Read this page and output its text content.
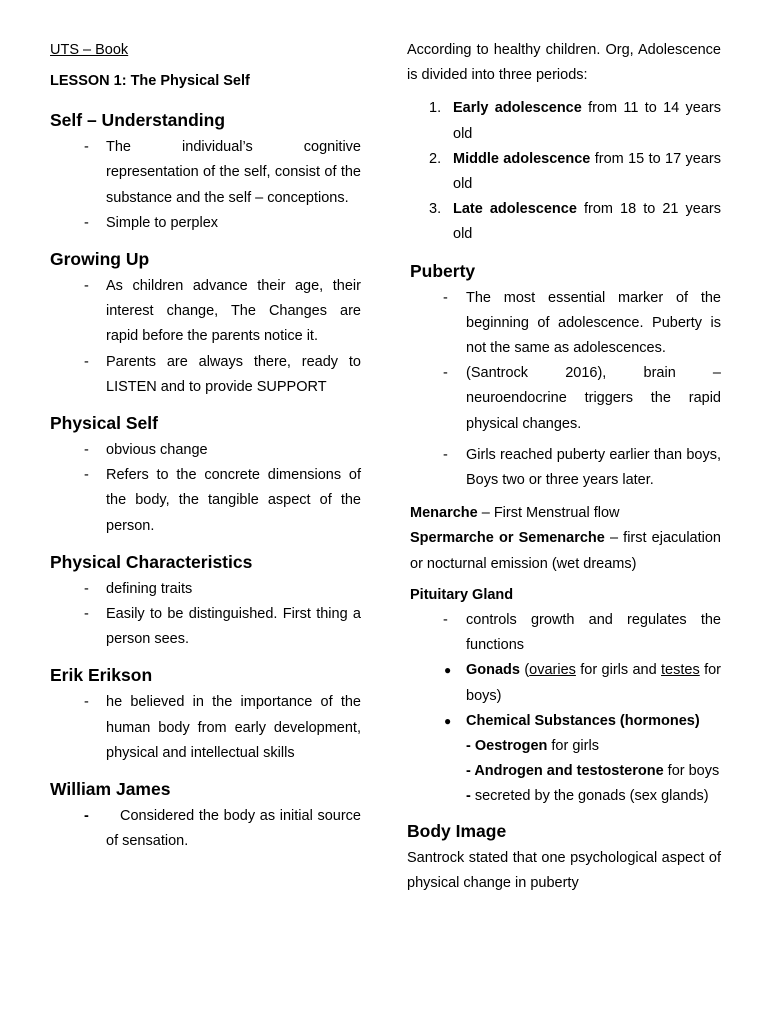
UTS – Book

LESSON 1: The Physical Self

Self – Understanding
- The individual’s cognitive representation of the self, consist of the substance and the self – conceptions.
- Simple to perplex
Growing Up
- As children advance their age, their interest change, The Changes are rapid before the parents notice it.
- Parents are always there, ready to LISTEN and to provide SUPPORT
Physical Self
- obvious change
- Refers to the concrete dimensions of the body, the tangible aspect of the person.
Physical Characteristics
- defining traits
- Easily to be distinguished. First thing a person sees.
Erik Erikson
- he believed in the importance of the human body from early development, physical and intellectual skills
William James
-	Considered the body as initial source of sensation.

According to healthy children. Org, Adolescence is divided into three periods:

1. Early adolescence from 11 to 14 years old
2. Middle adolescence from 15 to 17 years old
3. Late adolescence from 18 to 21 years old
Puberty
- The most essential marker of the beginning of adolescence. Puberty is not the same as adolescences.
- (Santrock 2016), brain – neuroendocrine triggers the rapid physical changes.
- Girls reached puberty earlier than boys, Boys two or three years later.

Menarche – First Menstrual flow

Spermarche or Semenarche – first ejaculation or nocturnal emission (wet dreams)

Pituitary Gland

- controls growth and regulates the functions
● Gonads (ovaries for girls and testes for boys)
● Chemical Substances (hormones)

- Oestrogen for girls

- Androgen and testosterone for boys

- secreted by the gonads (sex glands)

Body Image

Santrock stated that one psychological aspect of physical change in puberty
